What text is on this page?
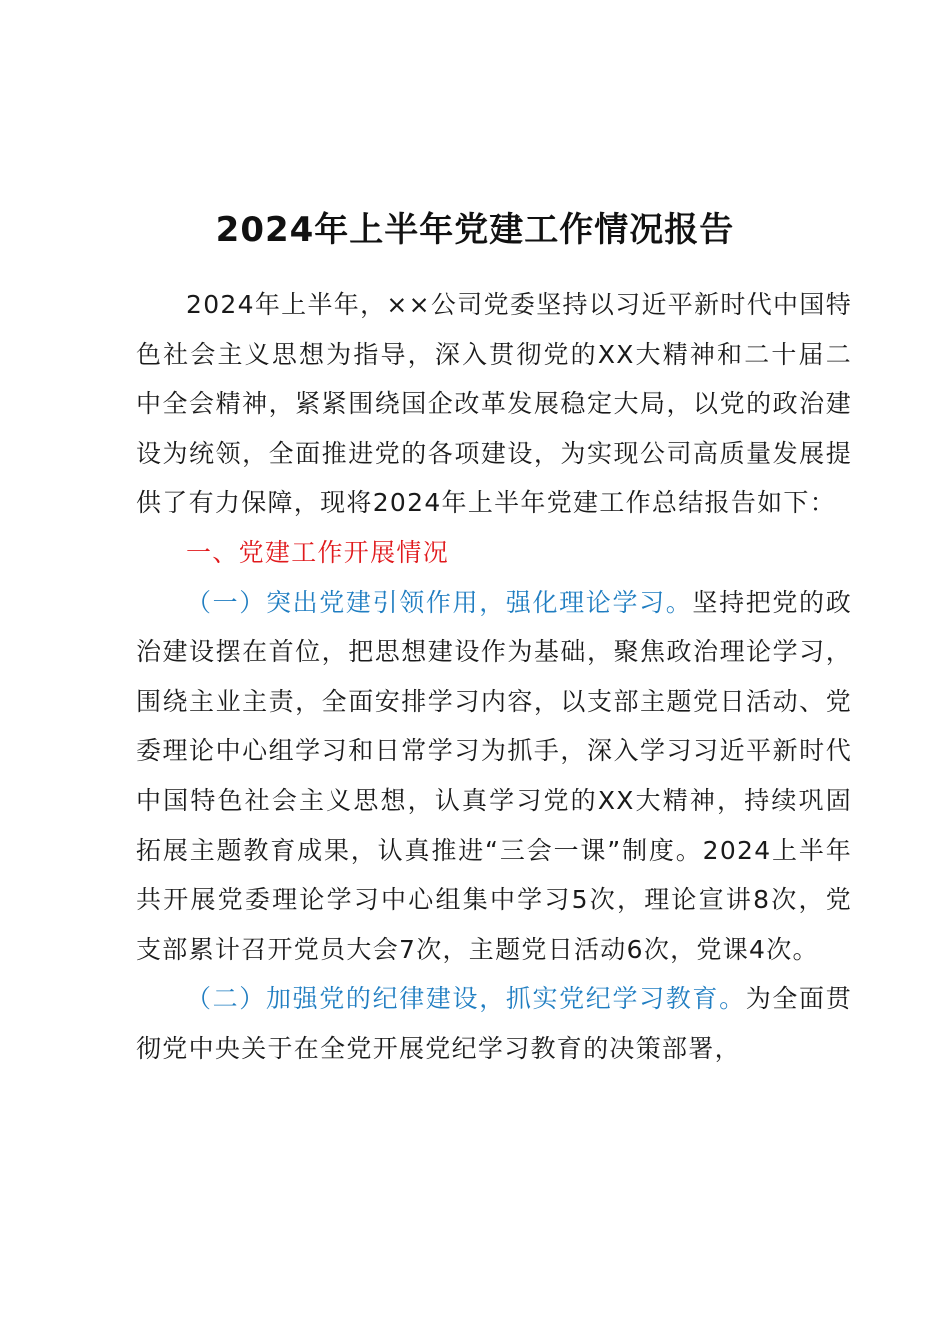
2024年上半年党建工作情况报告

2024年上半年，××公司党委坚持以习近平新时代中国特色社会主义思想为指导，深入贯彻党的XX大精神和二十届二中全会精神，紧紧围绕国企改革发展稳定大局，以党的政治建设为统领，全面推进党的各项建设，为实现公司高质量发展提供了有力保障，现将2024年上半年党建工作总结报告如下：

一、党建工作开展情况

（一）突出党建引领作用，强化理论学习。坚持把党的政治建设摆在首位，把思想建设作为基础，聚焦政治理论学习，围绕主业主责，全面安排学习内容，以支部主题党日活动、党委理论中心组学习和日常学习为抓手，深入学习习近平新时代中国特色社会主义思想，认真学习党的XX大精神，持续巩固拓展主题教育成果，认真推进“三会一课”制度。2024上半年共开展党委理论学习中心组集中学习5次，理论宣讲8次，党支部累计召开党员大会7次，主题党日活动6次，党课4次。

（二）加强党的纪律建设，抓实党纪学习教育。为全面贯彻党中央关于在全党开展党纪学习教育的决策部署，
